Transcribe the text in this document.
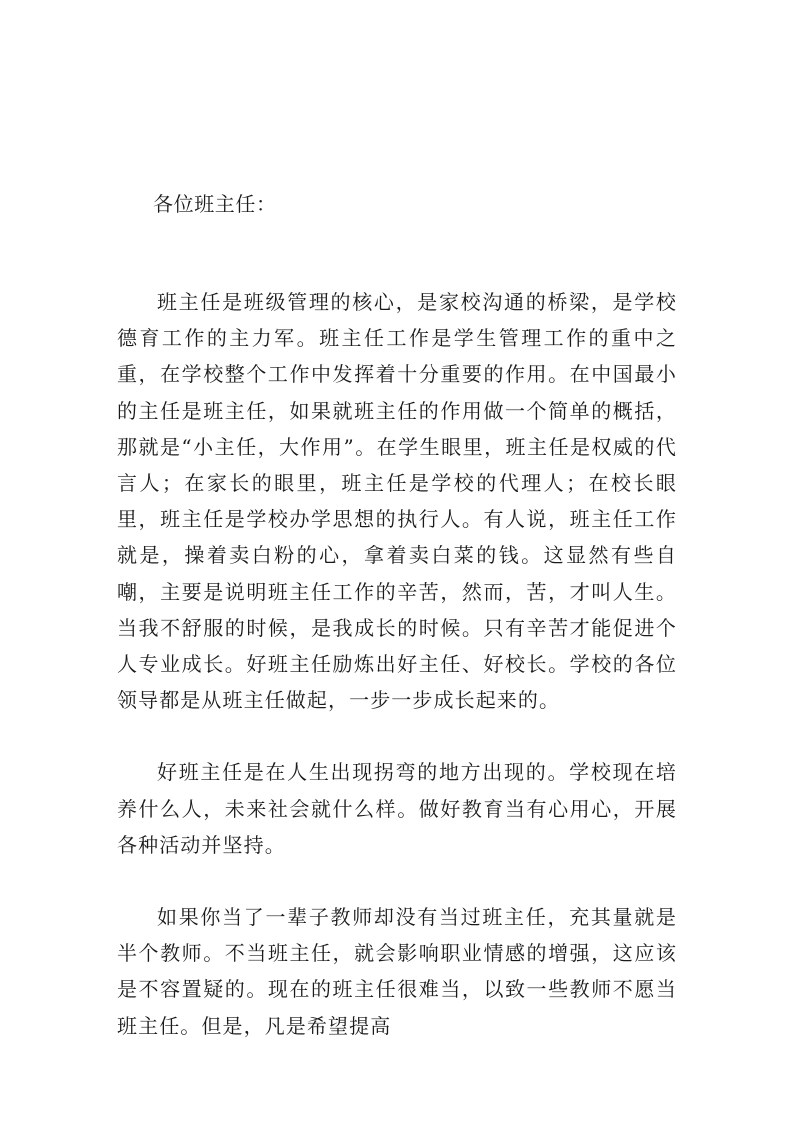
各位班主任：

班主任是班级管理的核心，是家校沟通的桥梁，是学校德育工作的主力军。班主任工作是学生管理工作的重中之重，在学校整个工作中发挥着十分重要的作用。在中国最小的主任是班主任，如果就班主任的作用做一个简单的概括，那就是“小主任，大作用”。在学生眼里，班主任是权威的代言人；在家长的眼里，班主任是学校的代理人；在校长眼里，班主任是学校办学思想的执行人。有人说，班主任工作就是，操着卖白粉的心，拿着卖白菜的钱。这显然有些自嘲，主要是说明班主任工作的辛苦，然而，苦，才叫人生。当我不舒服的时候，是我成长的时候。只有辛苦才能促进个人专业成长。好班主任励炼出好主任、好校长。学校的各位领导都是从班主任做起，一步一步成长起来的。

好班主任是在人生出现拐弯的地方出现的。学校现在培养什么人，未来社会就什么样。做好教育当有心用心，开展各种活动并坚持。

如果你当了一辈子教师却没有当过班主任，充其量就是半个教师。不当班主任，就会影响职业情感的增强，这应该是不容置疑的。现在的班主任很难当，以致一些教师不愿当班主任。但是，凡是希望提高
